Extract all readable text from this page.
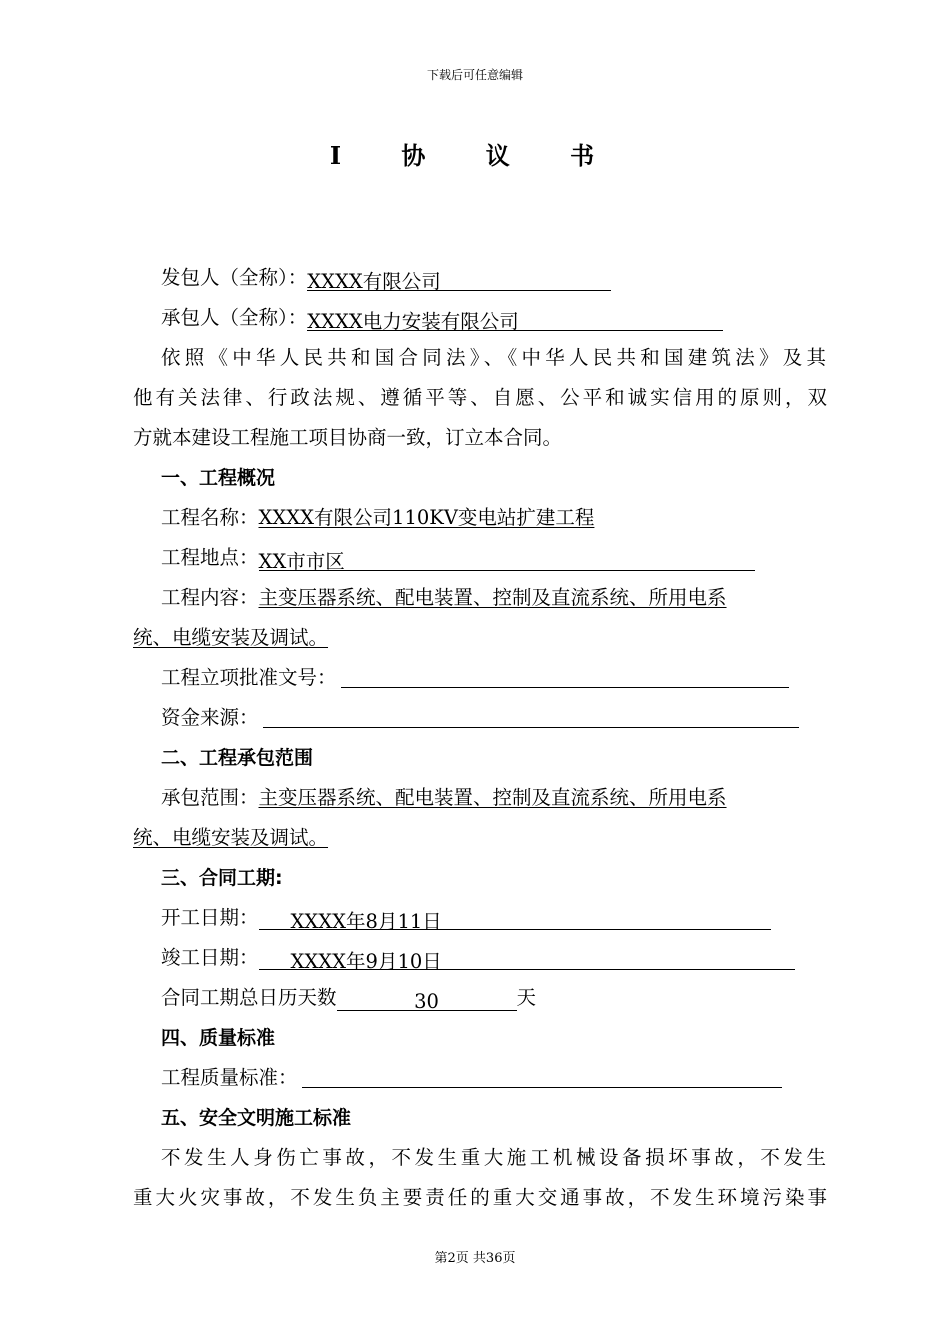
下载后可任意编辑
I 协 议 书
发包人（全称）：XXXX有限公司
承包人（全称）：XXXX电力安装有限公司
依照《中华人民共和国合同法》、《中华人民共和国建筑法》及其
他有关法律、行政法规、遵循平等、自愿、公平和诚实信用的原则，双
方就本建设工程施工项目协商一致，订立本合同。
一、工程概况
工程名称：XXXX有限公司110KV变电站扩建工程
工程地点：XX市市区
工程内容：主变压器系统、配电装置、控制及直流系统、所用电系
统、电缆安装及调试。
工程立项批准文号：
资金来源：
二、工程承包范围
承包范围：主变压器系统、配电装置、控制及直流系统、所用电系
统、电缆安装及调试。
三、合同工期:
开工日期： XXXX年8月11日
竣工日期： XXXX年9月10日
合同工期总日历天数	30	天
四、质量标准
工程质量标准：
五、安全文明施工标准
不发生人身伤亡事故，不发生重大施工机械设备损坏事故，不发生
重大火灾事故，不发生负主要责任的重大交通事故，不发生环境污染事
第2页 共36页
